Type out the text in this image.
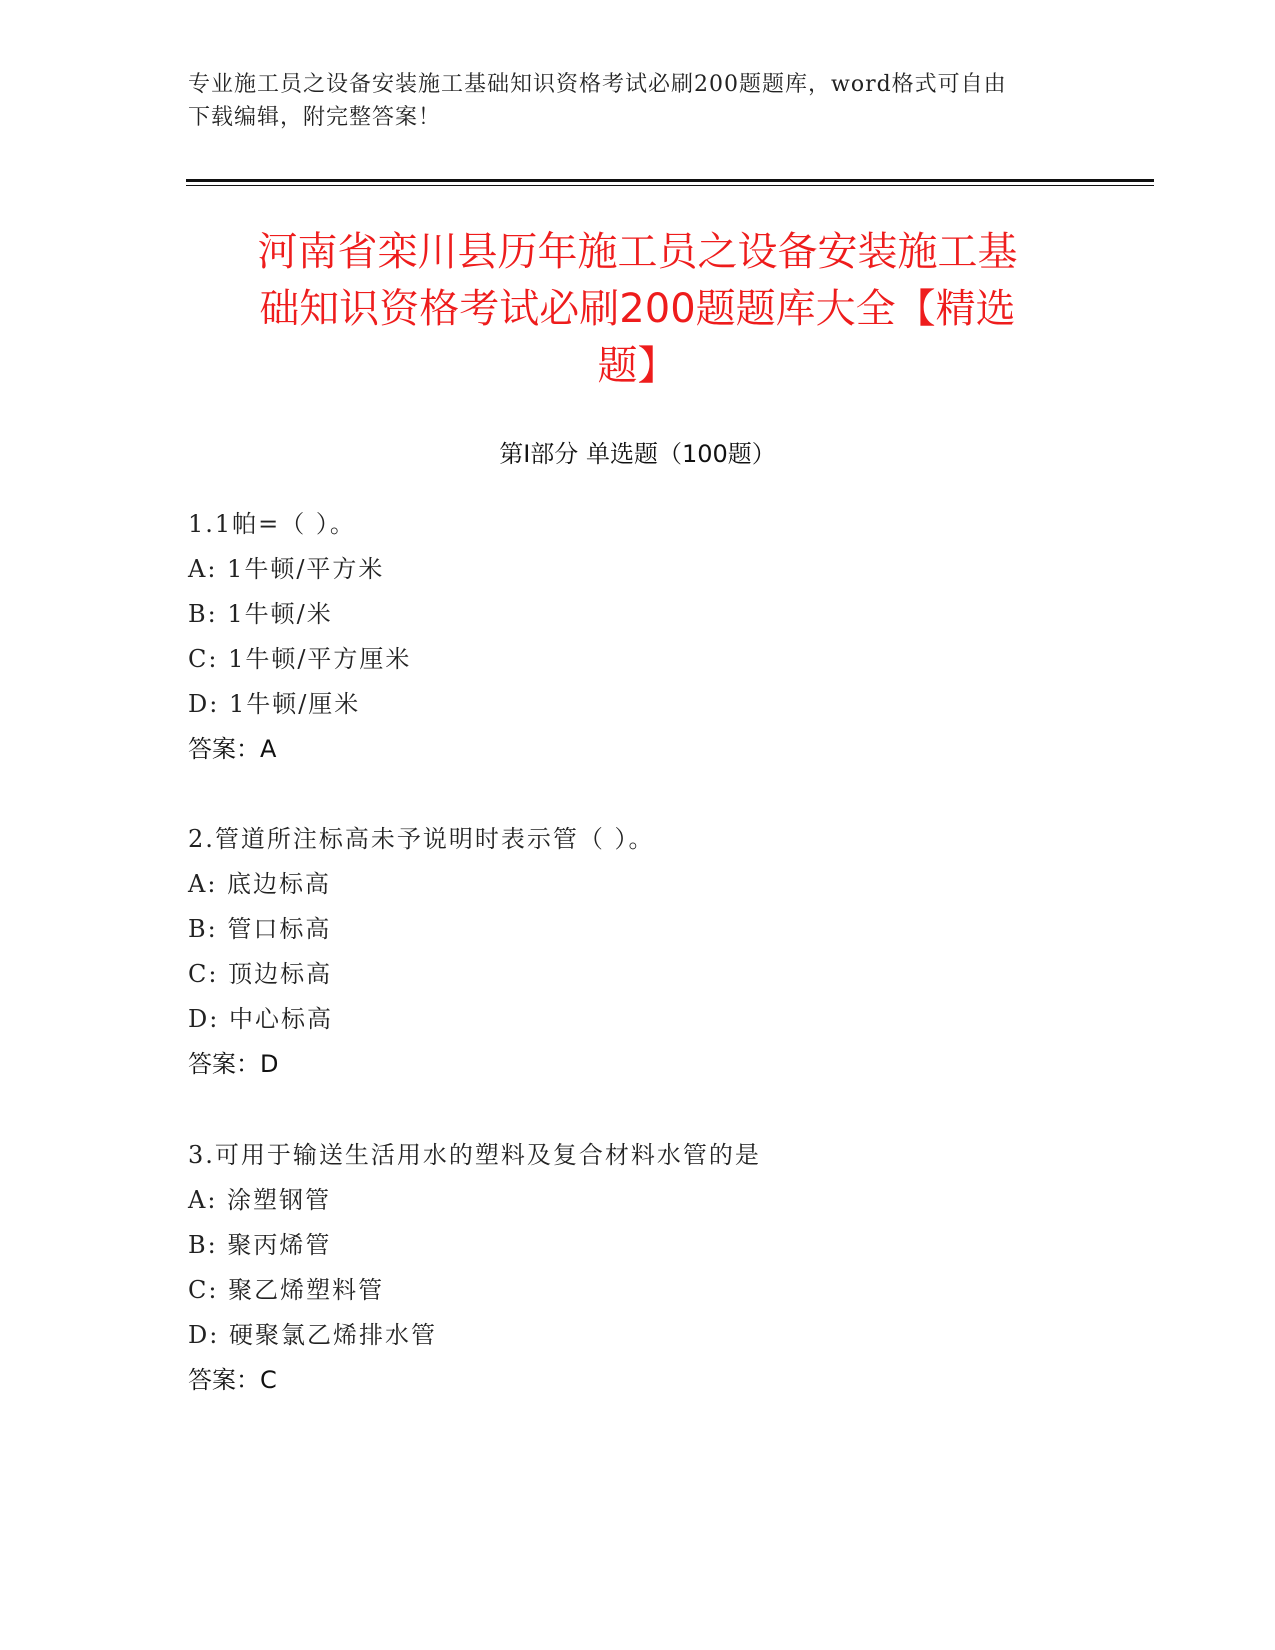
专业施工员之设备安装施工基础知识资格考试必刷200题题库，word格式可自由
下载编辑，附完整答案！
河南省栾川县历年施工员之设备安装施工基
础知识资格考试必刷200题题库大全【精选
题】
第I部分 单选题（100题）
1.1帕=（ ）。
A: 1牛顿/平方米
B: 1牛顿/米
C: 1牛顿/平方厘米
D: 1牛顿/厘米
答案：A
2.管道所注标高未予说明时表示管（ ）。
A: 底边标高
B: 管口标高
C: 顶边标高
D: 中心标高
答案：D
3.可用于输送生活用水的塑料及复合材料水管的是
A: 涂塑钢管
B: 聚丙烯管
C: 聚乙烯塑料管
D: 硬聚氯乙烯排水管
答案：C
